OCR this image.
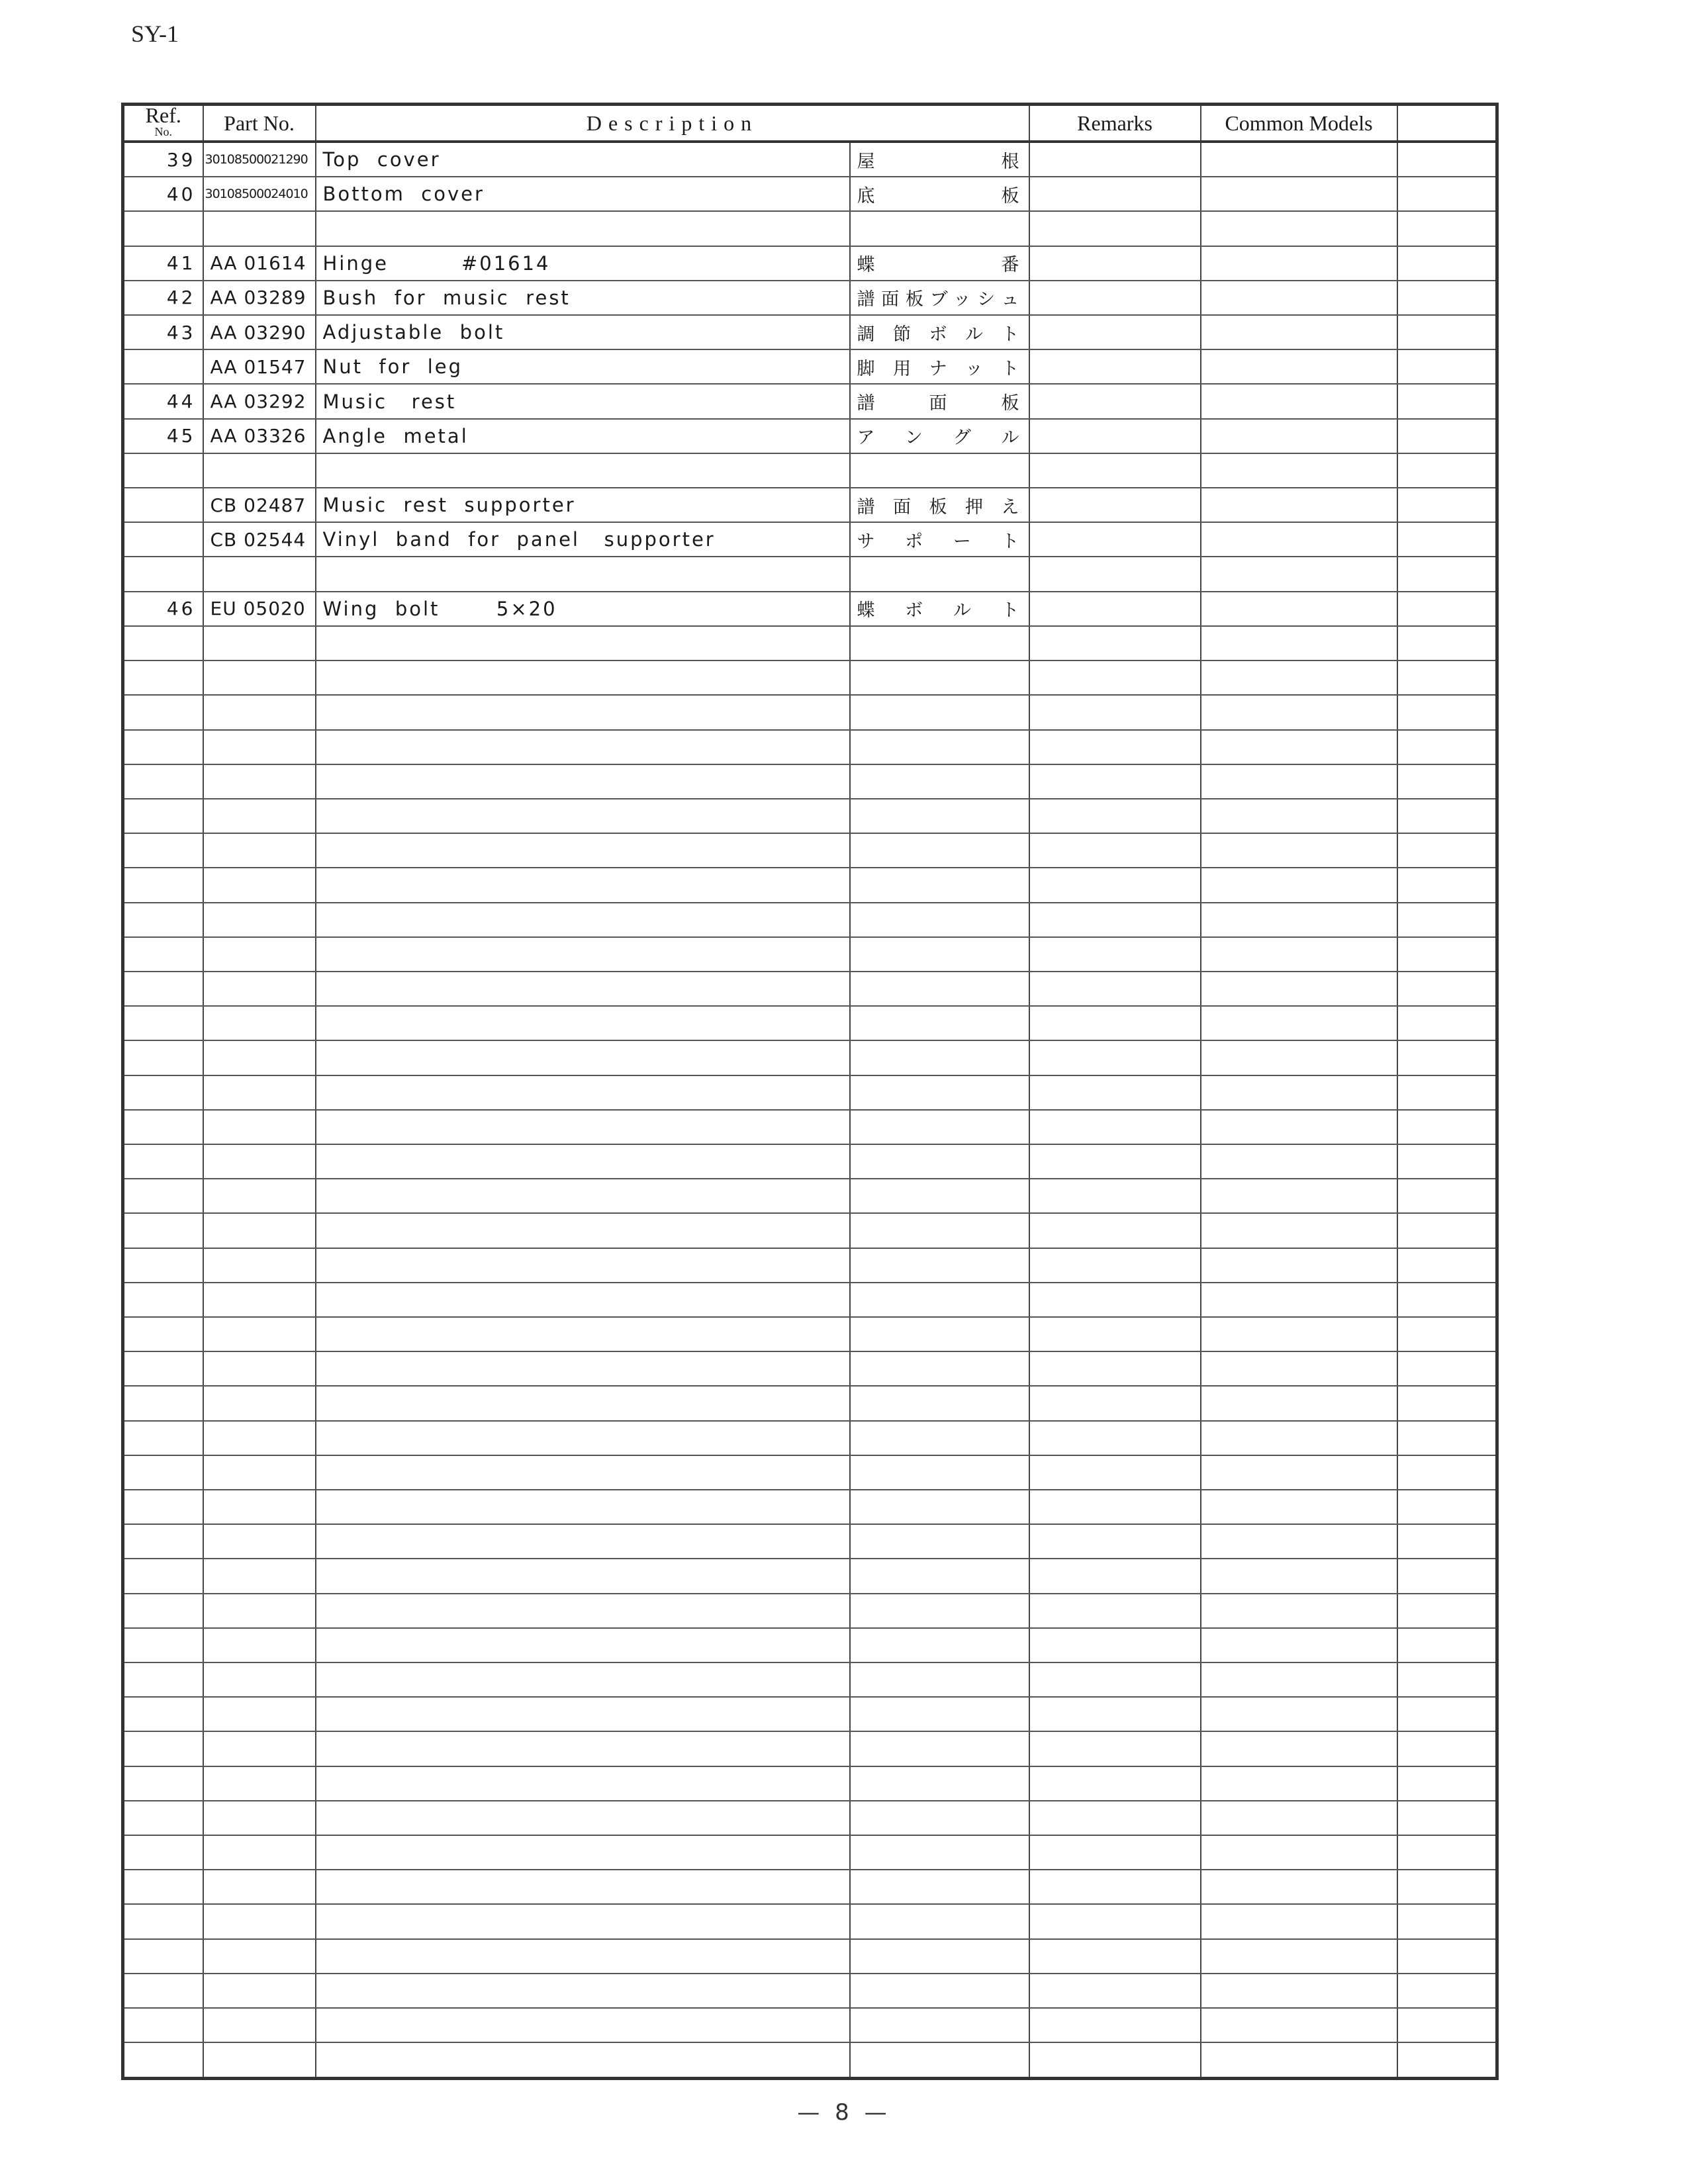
SY-1
Ref.
No.	Part No.	Description		Remarks	Common Models	
39	30108500021290	Top  cover	屋根			
40	30108500024010	Bottom  cover	底板			

41	AA 01614	Hinge         #01614	蝶番			
42	AA 03289	Bush  for  music  rest	譜面板ブッシュ			
43	AA 03290	Adjustable  bolt	調節ボルト			
	AA 01547	Nut  for  leg	脚用ナット			
44	AA 03292	Music   rest	譜面板			
45	AA 03326	Angle  metal	アングル			

	CB 02487	Music  rest  supporter	譜面板押え			
	CB 02544	Vinyl  band  for  panel   supporter	サポート			

46	EU 05020	Wing  bolt       5×20	蝶ボルト			

— 8 —
